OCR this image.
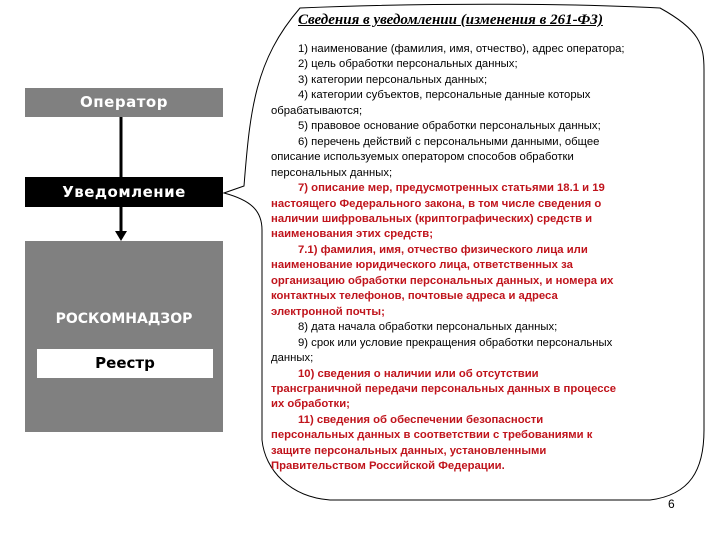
Оператор
Уведомление
РОСКОМНАДЗОР
Реестр
Сведения в уведомлении (изменения в 261-ФЗ)
1) наименование (фамилия, имя, отчество), адрес оператора;
2) цель обработки персональных данных;
3) категории персональных данных;
4) категории субъектов, персональные данные которых
обрабатываются;
5) правовое основание обработки персональных данных;
6) перечень действий с персональными данными, общее
описание используемых оператором способов обработки
персональных данных;
7) описание мер, предусмотренных статьями 18.1 и 19
настоящего Федерального закона, в том числе сведения о
наличии шифровальных (криптографических) средств и
наименования этих средств;
7.1) фамилия, имя, отчество физического лица или
наименование юридического лица, ответственных за
организацию обработки персональных данных, и номера их
контактных телефонов, почтовые адреса и адреса
электронной почты;
8) дата начала обработки персональных данных;
9) срок или условие прекращения обработки персональных
данных;
10) сведения о наличии или об отсутствии
трансграничной передачи персональных данных в процессе
их обработки;
11) сведения об обеспечении безопасности
персональных данных в соответствии с требованиями к
защите персональных данных, установленными
Правительством Российской Федерации.
6
